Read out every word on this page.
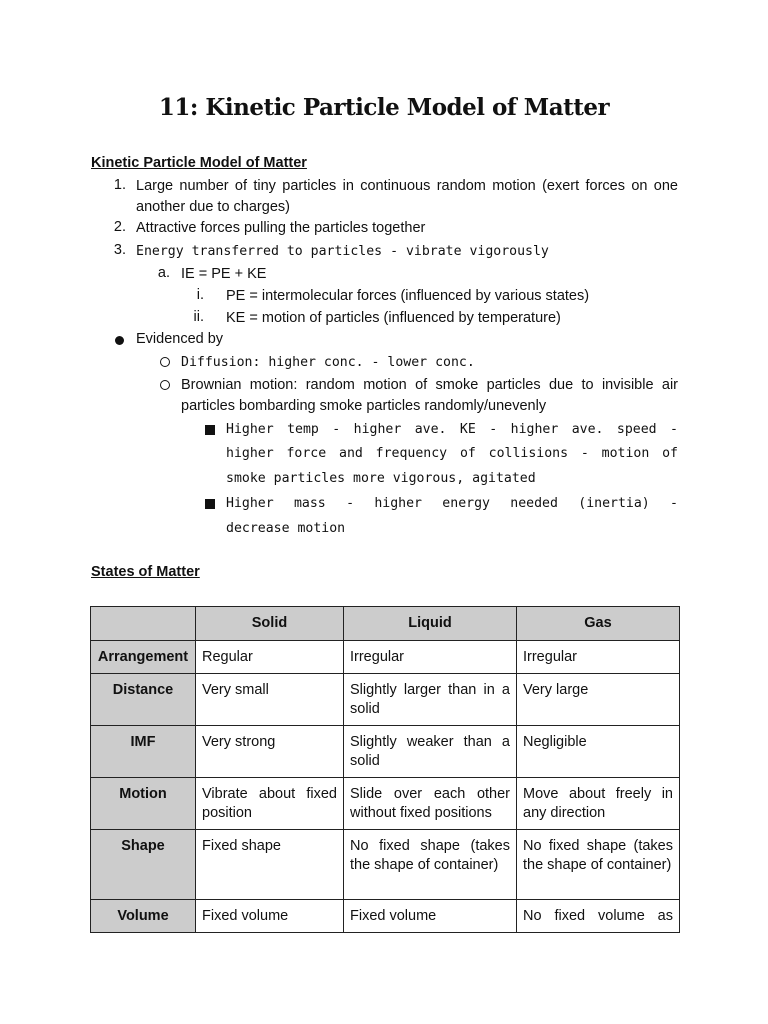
11: Kinetic Particle Model of Matter
Kinetic Particle Model of Matter
1. Large number of tiny particles in continuous random motion (exert forces on one
another due to charges)
2. Attractive forces pulling the particles together
3. Energy transferred to particles - vibrate vigorously
a. IE = PE + KE
i. PE = intermolecular forces (influenced by various states)
ii. KE = motion of particles (influenced by temperature)
Evidenced by
Diffusion: higher conc. - lower conc.
Brownian motion: random motion of smoke particles due to invisible air
particles bombarding smoke particles randomly/unevenly
Higher temp - higher ave. KE - higher ave. speed -
higher force and frequency of collisions - motion of
smoke particles more vigorous, agitated
Higher mass - higher energy needed (inertia) -
decrease motion
States of Matter
	Solid	Liquid	Gas
Arrangement	Regular	Irregular	Irregular
Distance	Very small	Slightly larger than in a solid	Very large
IMF	Very strong	Slightly weaker than a solid	Negligible
Motion	Vibrate about fixed position	Slide over each other without fixed positions	Move about freely in any direction
Shape	Fixed shape	No fixed shape (takes the shape of container)	No fixed shape (takes the shape of container)
Volume	Fixed volume	Fixed volume	No fixed volume as
